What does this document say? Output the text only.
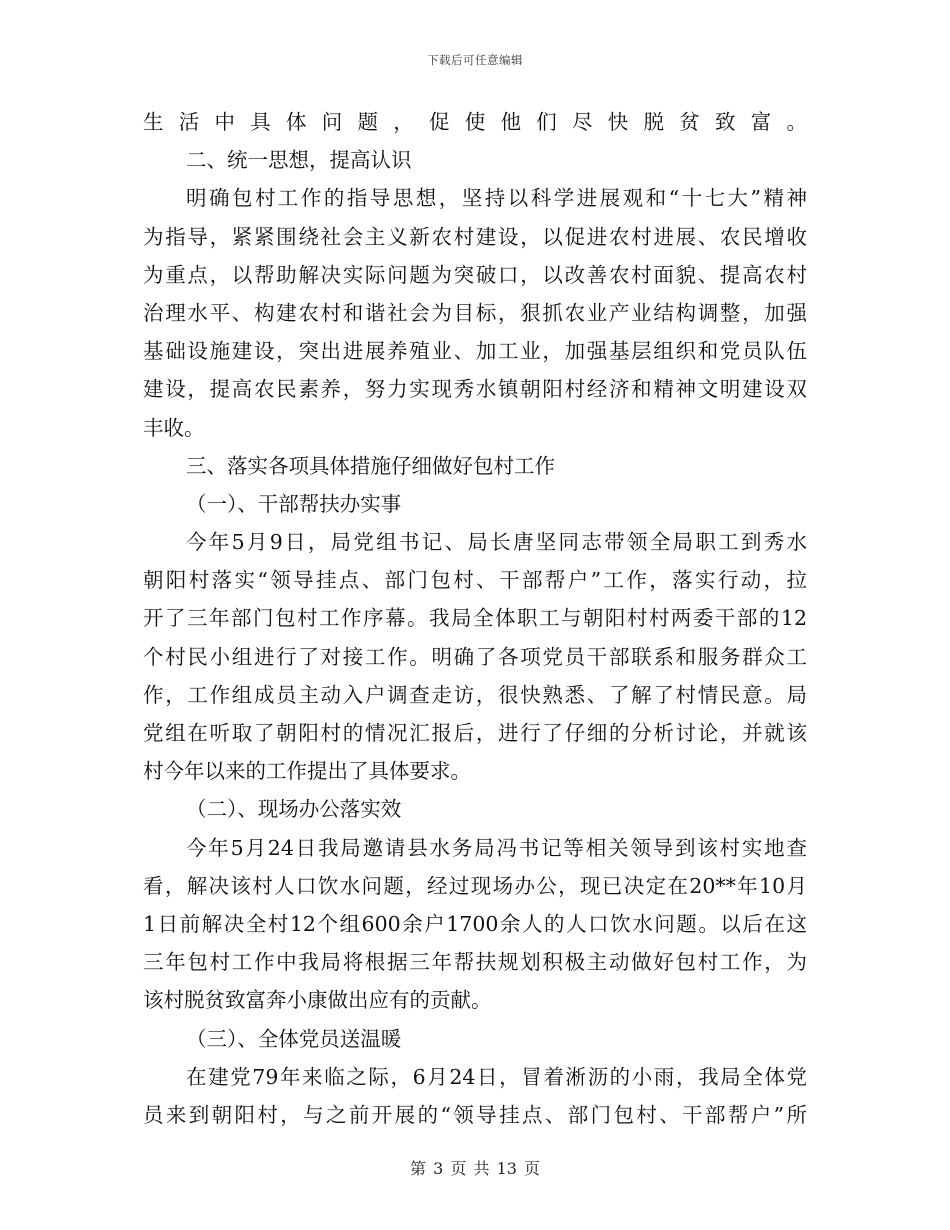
下载后可任意编辑
生活中具体问题，促使他们尽快脱贫致富。
二、统一思想，提高认识
明确包村工作的指导思想，坚持以科学进展观和“十七大”精神
为指导，紧紧围绕社会主义新农村建设，以促进农村进展、农民增收
为重点，以帮助解决实际问题为突破口，以改善农村面貌、提高农村
治理水平、构建农村和谐社会为目标，狠抓农业产业结构调整，加强
基础设施建设，突出进展养殖业、加工业，加强基层组织和党员队伍
建设，提高农民素养，努力实现秀水镇朝阳村经济和精神文明建设双
丰收。
三、落实各项具体措施仔细做好包村工作
（一）、干部帮扶办实事
今年5月9日，局党组书记、局长唐坚同志带领全局职工到秀水
朝阳村落实“领导挂点、部门包村、干部帮户”工作，落实行动，拉
开了三年部门包村工作序幕。我局全体职工与朝阳村村两委干部的12
个村民小组进行了对接工作。明确了各项党员干部联系和服务群众工
作，工作组成员主动入户调查走访，很快熟悉、了解了村情民意。局
党组在听取了朝阳村的情况汇报后，进行了仔细的分析讨论，并就该
村今年以来的工作提出了具体要求。
（二）、现场办公落实效
今年5月24日我局邀请县水务局冯书记等相关领导到该村实地查
看，解决该村人口饮水问题，经过现场办公，现已决定在20**年10月
1日前解决全村12个组600余户1700余人的人口饮水问题。以后在这
三年包村工作中我局将根据三年帮扶规划积极主动做好包村工作，为
该村脱贫致富奔小康做出应有的贡献。
（三）、全体党员送温暖
在建党79年来临之际，6月24日，冒着淅沥的小雨，我局全体党
员来到朝阳村，与之前开展的“领导挂点、部门包村、干部帮户”所
第 3 页 共 13 页
